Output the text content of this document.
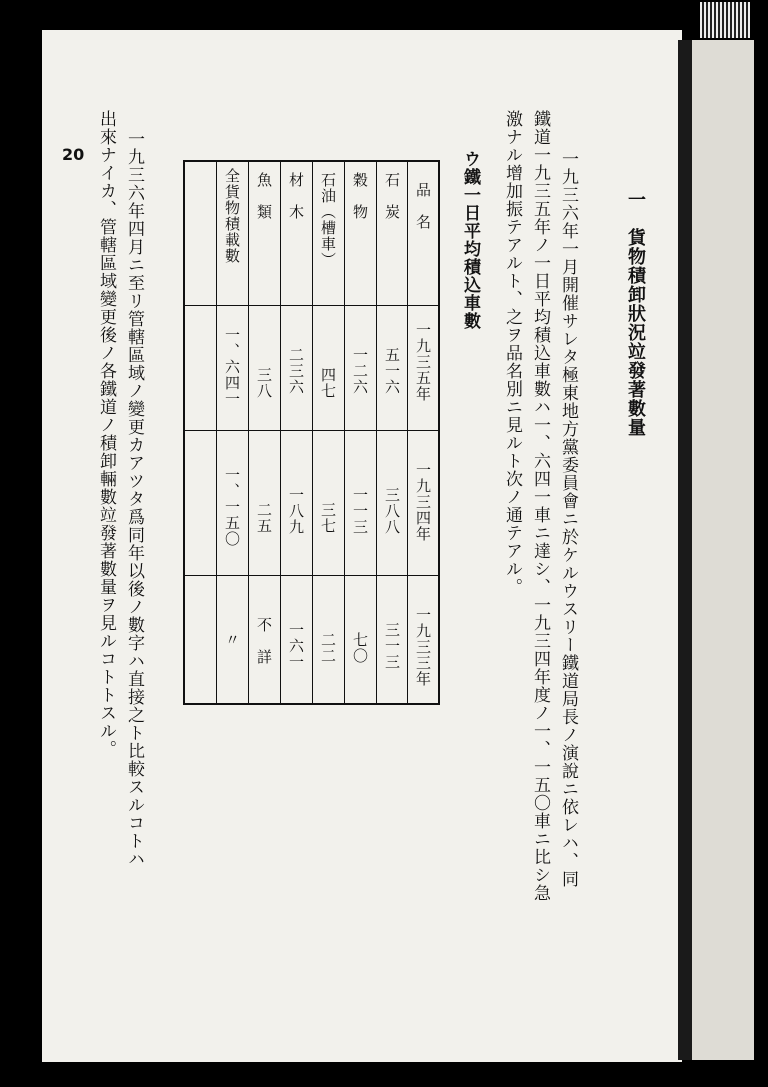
一　貨物積卸狀況竝發著數量
一九三六年一月開催サレタ極東地方黨委員會ニ於ケルウスリー鐵道局長ノ演說ニ依レハ、同
鐵道一九三五年ノ一日平均積込車數ハ一、六四一車ニ達シ、一九三四年度ノ一、一五〇車ニ比シ急
激ナル增加振テアルト、之ヲ品名別ニ見ルト次ノ通テアル。
ウ鐵一日平均積込車數
品　名
一九三五年
一九三四年
一九三三年
石　炭
五一六
三八八
三一三
穀　物
一二六
一一三
七〇
石油（槽車）
四七
三七
二二
材　木
二三六
一八九
一六一
魚　類
三八
二五
不　詳
全貨物積載數
一、六四一
一、一五〇
〃
一九三六年四月ニ至リ管轄區域ノ變更カアツタ爲同年以後ノ數字ハ直接之ト比較スルコトハ
出來ナイカ、管轄區域變更後ノ各鐵道ノ積卸輛數竝發著數量ヲ見ルコトトスル。
20
